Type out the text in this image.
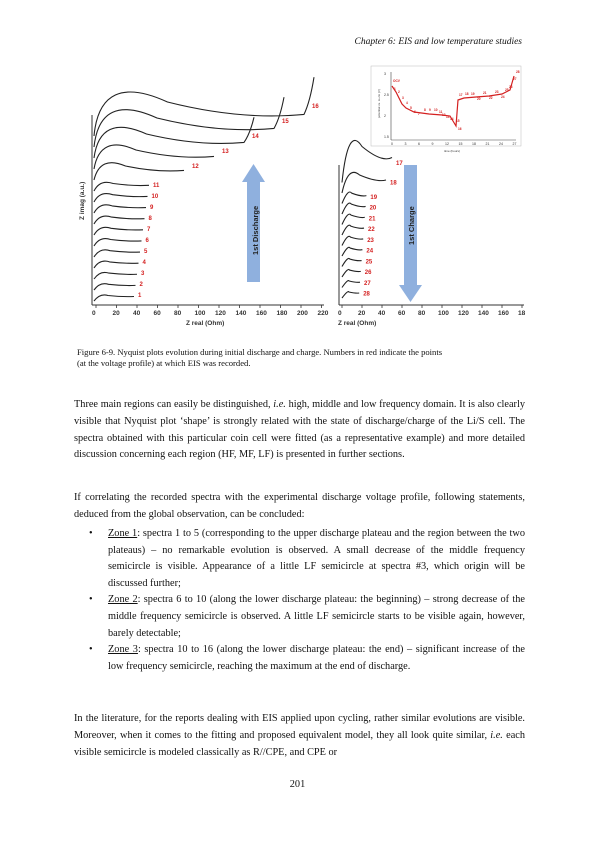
Chapter 6: EIS and low temperature studies
0	20 40 60 80 100 120 140 160 180 200 220
Z real (Ohm)
Z imag (a.u.)
1
2
3
4
5
6
7
8
9
10
11
12
13
14
15
16
1st Discharge
0	20 40 60 80 100 120 140 160 18
Z real (Ohm)
17
18
19
20
21
22
23
24
25
26
27
28
1st Charge
3
2.5
2
1.5
0	3	6	9	12	15	18	21	24	27
potential vs. Li+/Li (V)
time (hours)
OCV
1
2
3
4
5
6 7
8 9 10 11
12 13 14 15
16
17 18 19
20
21
22
23
24
25
26
27
28
Figure 6-9. Nyquist plots evolution during initial discharge and charge. Numbers in red indicate the points
(at the voltage profile) at which EIS was recorded.
Three main regions can easily be distinguished, i.e. high, middle and low frequency domain. It is also clearly visible that Nyquist plot ‘shape’ is strongly related with the state of discharge/charge of the Li/S cell. The spectra obtained with this particular coin cell were fitted (as a representative example) and more detailed discussion concerning each region (HF, MF, LF) is presented in further sections.
If correlating the recorded spectra with the experimental discharge voltage profile, following statements, deduced from the global observation, can be concluded:
• Zone 1: spectra 1 to 5 (corresponding to the upper discharge plateau and the region between the two plateaus) – no remarkable evolution is observed. A small decrease of the middle frequency semicircle is visible. Appearance of a little LF semicircle at spectra #3, which origin will be discussed further;
• Zone 2: spectra 6 to 10 (along the lower discharge plateau: the beginning) – strong decrease of the middle frequency semicircle is observed. A little LF semicircle starts to be visible again, however, barely detectable;
• Zone 3: spectra 10 to 16 (along the lower discharge plateau: the end) – significant increase of the low frequency semicircle, reaching the maximum at the end of discharge.
In the literature, for the reports dealing with EIS applied upon cycling, rather similar evolutions are visible. Moreover, when it comes to the fitting and proposed equivalent model, they all look quite similar, i.e. each visible semicircle is modeled classically as R//CPE, and CPE or
201
